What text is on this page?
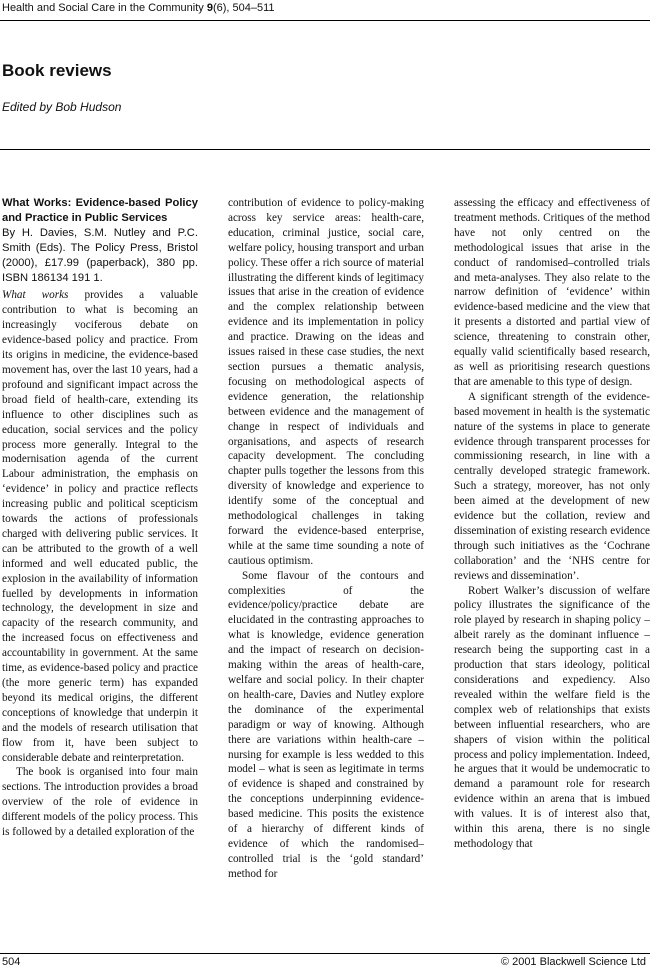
Health and Social Care in the Community 9(6), 504–511
Book reviews
Edited by Bob Hudson
What Works: Evidence-based Policy and Practice in Public Services
By H. Davies, S.M. Nutley and P.C. Smith (Eds). The Policy Press, Bristol (2000), £17.99 (paperback), 380 pp. ISBN 186134 191 1.

What works provides a valuable contribution to what is becoming an increasingly vociferous debate on evidence-based policy and practice. From its origins in medicine, the evidence-based movement has, over the last 10 years, had a profound and significant impact across the broad field of health-care, extending its influence to other disciplines such as education, social services and the policy process more generally. Integral to the modernisation agenda of the current Labour administration, the emphasis on ‘evidence’ in policy and practice reflects increasing public and political scepticism towards the actions of professionals charged with delivering public services. It can be attributed to the growth of a well informed and well educated public, the explosion in the availability of information fuelled by developments in information technology, the development in size and capacity of the research community, and the increased focus on effectiveness and accountability in government. At the same time, as evidence-based policy and practice (the more generic term) has expanded beyond its medical origins, the different conceptions of knowledge that underpin it and the models of research utilisation that flow from it, have been subject to considerable debate and reinterpretation.

The book is organised into four main sections. The introduction provides a broad overview of the role of evidence in different models of the policy process. This is followed by a detailed exploration of the

contribution of evidence to policy-making across key service areas: health-care, education, criminal justice, social care, welfare policy, housing transport and urban policy. These offer a rich source of material illustrating the different kinds of legitimacy issues that arise in the creation of evidence and the complex relationship between evidence and its implementation in policy and practice. Drawing on the ideas and issues raised in these case studies, the next section pursues a thematic analysis, focusing on methodological aspects of evidence generation, the relationship between evidence and the management of change in respect of individuals and organisations, and aspects of research capacity development. The concluding chapter pulls together the lessons from this diversity of knowledge and experience to identify some of the conceptual and methodological challenges in taking forward the evidence-based enterprise, while at the same time sounding a note of cautious optimism.

Some flavour of the contours and complexities of the evidence/policy/practice debate are elucidated in the contrasting approaches to what is knowledge, evidence generation and the impact of research on decision-making within the areas of health-care, welfare and social policy. In their chapter on health-care, Davies and Nutley explore the dominance of the experimental paradigm or way of knowing. Although there are variations within health-care – nursing for example is less wedded to this model – what is seen as legitimate in terms of evidence is shaped and constrained by the conceptions underpinning evidence-based medicine. This posits the existence of a hierarchy of different kinds of evidence of which the randomised–controlled trial is the ‘gold standard’ method for

assessing the efficacy and effectiveness of treatment methods. Critiques of the method have not only centred on the methodological issues that arise in the conduct of randomised–controlled trials and meta-analyses. They also relate to the narrow definition of ‘evidence’ within evidence-based medicine and the view that it presents a distorted and partial view of science, threatening to constrain other, equally valid scientifically based research, as well as prioritising research questions that are amenable to this type of design.

A significant strength of the evidence-based movement in health is the systematic nature of the systems in place to generate evidence through transparent processes for commissioning research, in line with a centrally developed strategic framework. Such a strategy, moreover, has not only been aimed at the development of new evidence but the collation, review and dissemination of existing research evidence through such initiatives as the ‘Cochrane collaboration’ and the ‘NHS centre for reviews and dissemination’.

Robert Walker’s discussion of welfare policy illustrates the significance of the role played by research in shaping policy – albeit rarely as the dominant influence – research being the supporting cast in a production that stars ideology, political considerations and expediency. Also revealed within the welfare field is the complex web of relationships that exists between influential researchers, who are shapers of vision within the political process and policy implementation. Indeed, he argues that it would be undemocratic to demand a paramount role for research evidence within an arena that is imbued with values. It is of interest also that, within this arena, there is no single methodology that

504	© 2001 Blackwell Science Ltd
